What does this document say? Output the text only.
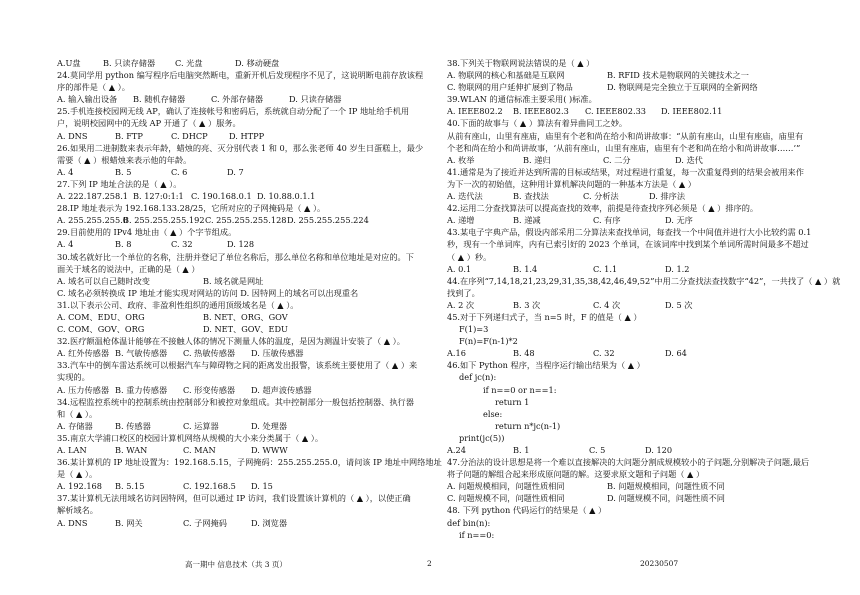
A.U盘	B. 只读存储器	C. 光盘	D. 移动硬盘
24.莫同学用 python 编写程序后电脑突然断电，重新开机后发现程序不见了，这说明断电前存放该程
序的部件是（ ▲ ）。
A. 输入输出设备	B. 随机存储器	C. 外部存储器	D. 只读存储器
25.手机连接校园网无线 AP，确认了连接帐号和密码后，系统就自动分配了一个 IP 地址给手机用
户，说明校园网中的无线 AP 开通了（ ▲ ）服务。
A. DNS	B. FTP	C. DHCP	D. HTPP
26.如果用二进制数来表示年龄，蜡烛的亮、灭分别代表 1 和 0，那么张老师 40 岁生日蛋糕上，最少
需要（ ▲ ）根蜡烛来表示他的年龄。
A. 4	B. 5	C. 6	D. 7
27.下列 IP 地址合法的是（ ▲ ）。
A. 222.187.258.1 B. 127:0:1:1 C. 190.168.0.1 D. 10.88.0.1.1
28.IP 地址表示为 192.168.133.28/25，它所对应的子网掩码是（ ▲ ）。
A. 255.255.255.0
B. 255.255.255.192 C. 255.255.255.128 D. 255.255.255.224
29.目前使用的 IPv4 地址由（ ▲ ）个字节组成。
A. 4	B. 8	C. 32	D. 128
30.域名就好比一个单位的名称，注册并登记了单位名称后，那么单位名称和单位地址是对应的。下
面关于域名的说法中，正确的是（ ▲ ）
A. 域名可以自己随时改变	B. 域名就是网址
C. 域名必须转换成 IP 地址才能实现对网站的访问 D. 因特网上的域名可以出现重名
31.以下表示公司、政府、非盈利性组织的通用顶级域名是（ ▲ ）。
A. COM、EDU、ORG	B. NET、ORG、GOV
C. COM、GOV、ORG	D. NET、GOV、EDU
32.医疗额温枪体温计能够在不接触人体的情况下测量人体的温度，是因为测温计安装了（ ▲ ）。
A. 红外传感器 B. 气敏传感器	C. 热敏传感器	D. 压敏传感器
33.汽车中的倒车雷达系统可以根据汽车与障碍物之间的距离发出报警，该系统主要使用了（ ▲ ）来
实现的。
A. 压力传感器 B. 重力传感器	C. 形变传感器	D. 超声波传感器
34.远程监控系统中的控制系统由控制部分和被控对象组成。其中控制部分一般包括控制器、执行器
和（ ▲ ）。
A. 存储器	B. 传感器	C. 运算器	D. 处理器
35.南京大学浦口校区的校园计算机网络从规模的大小来分类属于（ ▲ ）。
A. LAN	B. WAN	C. MAN	D. WWW
36.某计算机的 IP 地址设置为：192.168.5.15，子网掩码：255.255.255.0，请问该 IP 地址中网络地址
是（ ▲ ）。
A. 192.168	B. 5.15	C. 192.168.5	D. 15
37.某计算机无法用域名访问因特网，但可以通过 IP 访问，我们设置该计算机的（ ▲ ），以使正确
解析域名。
A. DNS	B. 网关	C. 子网掩码	D. 浏览器
38.下列关于物联网说法错误的是（ ▲ ）
A. 物联网的核心和基础是互联网	B. RFID 技术是物联网的关键技术之一
C. 物联网的用户延伸扩展到了物品	D. 物联网是完全独立于互联网的全新网络
39.WLAN 的通信标准主要采用( )标准。
A. IEEE802.2	B. IEEE802.3	C. IEEE802.33	D. IEEE802.11
40.下面的故事与（ ▲ ）算法有着异曲同工之妙。
从前有座山，山里有座庙，庙里有个老和尚在给小和尚讲故事：“从前有座山，山里有座庙，庙里有
个老和尚在给小和尚讲故事，‘从前有座山，山里有座庙，庙里有个老和尚在给小和尚讲故事……’”
A. 枚举	B. 递归	C. 二分	D. 迭代
41.通常是为了接近并达到所需的目标或结果，对过程进行重复，每一次重复得到的结果会被用来作
为下一次的初始值，这种用计算机解决问题的一种基本方法是（ ▲ ）
A. 迭代法	B. 查找法	C. 分析法	D. 排序法
42.运用二分查找算法可以提高查找的效率，前提是待查找序列必须是（ ▲ ）排序的。
A. 递增	B. 递减	C. 有序	D. 无序
43.某电子字典产品，假设内部采用二分算法来查找单词，每查找一个中间值并进行大小比较约需 0.1
秒，现有一个单词库，内有已索引好的 2023 个单词，在该词库中找到某个单词所需时间最多不超过
（ ▲ ）秒。
A. 0.1	B. 1.4	C. 1.1	D. 1.2
44.在序列“7,14,18,21,23,29,31,35,38,42,46,49,52”中用二分查找法查找数字“42”，一共找了（ ▲ ）就
找到了。
A. 2 次	B. 3 次	C. 4 次	D. 5 次
45.对于下列递归式子，当 n=5 时，F 的值是（ ▲ ）
F(1)=3
F(n)=F(n-1)*2
A.16	B. 48	C. 32	D. 64
46.如下 Python 程序，当程序运行输出结果为（ ▲ ）
def jc(n):
if n==0 or n==1:
return 1
else:
return n*jc(n-1)
print(jc(5))
A.24	B. 1	C. 5	D. 120
47.分治法的设计思想是将一个难以直接解决的大问题分割成规模较小的子问题,分别解决子问题,最后
将子问题的解组合起来形成原问题的解。这要求原文题和子问题（ ▲ ）
A. 问题规模相同，问题性质相同	B. 问题规模相同，问题性质不同
C. 问题规模不同，问题性质相同	D. 问题规模不同，问题性质不同
48. 下列 python 代码运行的结果是（ ▲ ）
def bin(n):
if n==0:
高一期中 信息技术（共 3 页）	2	20230507
